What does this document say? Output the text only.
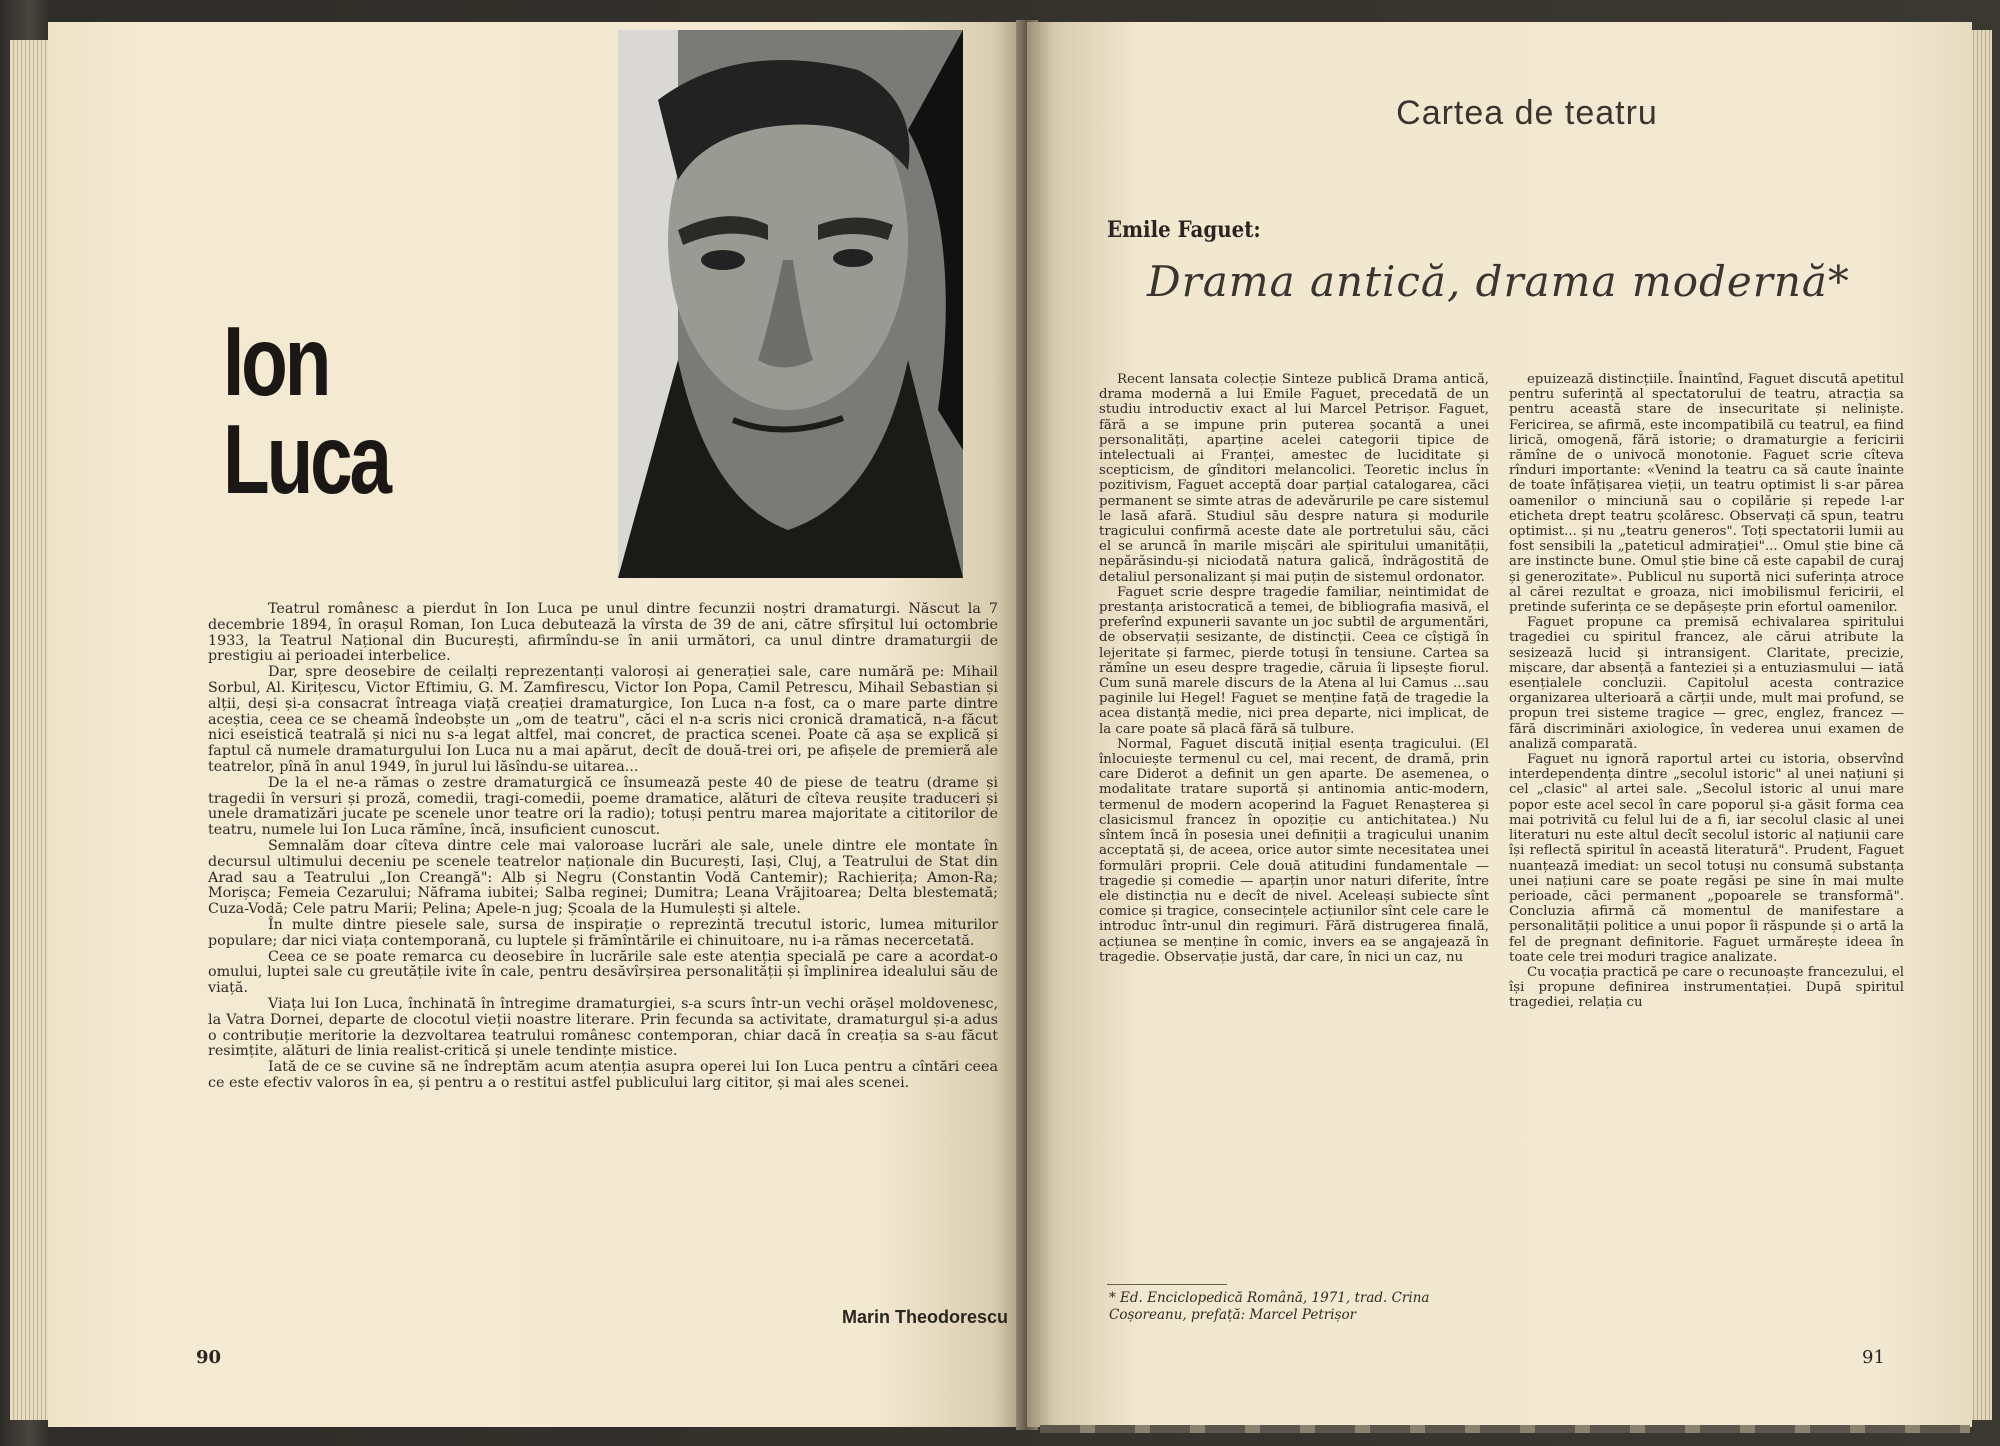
Ion Luca

Teatrul românesc a pierdut în Ion Luca pe unul dintre fecunzii noștri dramaturgi. Născut la 7 decembrie 1894, în orașul Roman, Ion Luca debutează la vîrsta de 39 de ani, către sfîrșitul lui octombrie 1933, la Teatrul Național din București, afirmîndu-se în anii următori, ca unul dintre dramaturgii de prestigiu ai perioadei interbelice.

Dar, spre deosebire de ceilalți reprezentanți valoroși ai generației sale, care numără pe: Mihail Sorbul, Al. Kirițescu, Victor Eftimiu, G. M. Zamfirescu, Victor Ion Popa, Camil Petrescu, Mihail Sebastian și alții, deși și-a consacrat întreaga viață creației dramaturgice, Ion Luca n-a fost, ca o mare parte dintre aceștia, ceea ce se cheamă îndeobște un „om de teatru", căci el n-a scris nici cronică dramatică, n-a făcut nici eseistică teatrală și nici nu s-a legat altfel, mai concret, de practica scenei. Poate că așa se explică și faptul că numele dramaturgului Ion Luca nu a mai apărut, decît de două-trei ori, pe afișele de premieră ale teatrelor, pînă în anul 1949, în jurul lui lăsîndu-se uitarea...

De la el ne-a rămas o zestre dramaturgică ce însumează peste 40 de piese de teatru (drame și tragedii în versuri și proză, comedii, tragi-comedii, poeme dramatice, alături de cîteva reușite traduceri și unele dramatizări jucate pe scenele unor teatre ori la radio); totuși pentru marea majoritate a cititorilor de teatru, numele lui Ion Luca rămîne, încă, insuficient cunoscut.

Semnalăm doar cîteva dintre cele mai valoroase lucrări ale sale, unele dintre ele montate în decursul ultimului deceniu pe scenele teatrelor naționale din București, Iași, Cluj, a Teatrului de Stat din Arad sau a Teatrului „Ion Creangă": Alb și Negru (Constantin Vodă Cantemir); Rachierița; Amon-Ra; Morișca; Femeia Cezarului; Năframa iubitei; Salba reginei; Dumitra; Leana Vrăjitoarea; Delta blestemată; Cuza-Vodă; Cele patru Marii; Pelina; Apele-n jug; Școala de la Humulești și altele.

În multe dintre piesele sale, sursa de inspirație o reprezintă trecutul istoric, lumea miturilor populare; dar nici viața contemporană, cu luptele și frămîntările ei chinuitoare, nu i-a rămas necercetată.

Ceea ce se poate remarca cu deosebire în lucrările sale este atenția specială pe care a acordat-o omului, luptei sale cu greutățile ivite în cale, pentru desăvîrșirea personalității și împlinirea idealului său de viață.

Viața lui Ion Luca, închinată în întregime dramaturgiei, s-a scurs într-un vechi orășel moldovenesc, la Vatra Dornei, departe de clocotul vieții noastre literare. Prin fecunda sa activitate, dramaturgul și-a adus o contribuție meritorie la dezvoltarea teatrului românesc contemporan, chiar dacă în creația sa s-au făcut resimțite, alături de linia realist-critică și unele tendințe mistice.

Iată de ce se cuvine să ne îndreptăm acum atenția asupra operei lui Ion Luca pentru a cîntări ceea ce este efectiv valoros în ea, și pentru a o restitui astfel publicului larg cititor, și mai ales scenei.

Marin Theodorescu
90
Cartea de teatru
Emile Faguet:
Drama antică, drama modernă*

Recent lansata colecție Sinteze publică Drama antică, drama modernă a lui Emile Faguet, precedată de un studiu introductiv exact al lui Marcel Petrișor. Faguet, fără a se impune prin puterea șocantă a unei personalități, aparține acelei categorii tipice de intelectuali ai Franței, amestec de luciditate și scepticism, de gînditori melancolici. Teoretic inclus în pozitivism, Faguet acceptă doar parțial catalogarea, căci permanent se simte atras de adevărurile pe care sistemul le lasă afară. Studiul său despre natura și modurile tragicului confirmă aceste date ale portretului său, căci el se aruncă în marile mișcări ale spiritului umanității, nepărăsindu-și niciodată natura galică, îndrăgostită de detaliul personalizant și mai puțin de sistemul ordonator.

Faguet scrie despre tragedie familiar, neintimidat de prestanța aristocratică a temei, de bibliografia masivă, el preferînd expunerii savante un joc subtil de argumentări, de observații sesizante, de distincții. Ceea ce cîștigă în lejeritate și farmec, pierde totuși în tensiune. Cartea sa rămîne un eseu despre tragedie, căruia îi lipsește fiorul. Cum sună marele discurs de la Atena al lui Camus ...sau paginile lui Hegel! Faguet se menține față de tragedie la acea distanță medie, nici prea departe, nici implicat, de la care poate să placă fără să tulbure.

Normal, Faguet discută inițial esența tragicului. (El înlocuiește termenul cu cel, mai recent, de dramă, prin care Diderot a definit un gen aparte. De asemenea, o modalitate tratare suportă și antinomia antic-modern, termenul de modern acoperind la Faguet Renașterea și clasicismul francez în opoziție cu antichitatea.) Nu sîntem încă în posesia unei definiții a tragicului unanim acceptată și, de aceea, orice autor simte necesitatea unei formulări proprii. Cele două atitudini fundamentale — tragedie și comedie — aparțin unor naturi diferite, între ele distincția nu e decît de nivel. Aceleași subiecte sînt comice și tragice, consecințele acțiunilor sînt cele care le introduc într-unul din regimuri. Fără distrugerea finală, acțiunea se menține în comic, invers ea se angajează în tragedie. Observație justă, dar care, în nici un caz, nu

epuizează distincțiile. Înaintînd, Faguet discută apetitul pentru suferință al spectatorului de teatru, atracția sa pentru această stare de insecuritate și neliniște. Fericirea, se afirmă, este incompatibilă cu teatrul, ea fiind lirică, omogenă, fără istorie; o dramaturgie a fericirii rămîne de o univocă monotonie. Faguet scrie cîteva rînduri importante: «Venind la teatru ca să caute înainte de toate înfățișarea vieții, un teatru optimist li s-ar părea oamenilor o minciună sau o copilărie și repede l-ar eticheta drept teatru școlăresc. Observați că spun, teatru optimist... și nu „teatru generos". Toți spectatorii lumii au fost sensibili la „pateticul admirației"... Omul știe bine că are instincte bune. Omul știe bine că este capabil de curaj și generozitate». Publicul nu suportă nici suferința atroce al cărei rezultat e groaza, nici imobilismul fericirii, el pretinde suferința ce se depășește prin efortul oamenilor.

Faguet propune ca premisă echivalarea spiritului tragediei cu spiritul francez, ale cărui atribute la sesizează lucid și intransigent. Claritate, precizie, mișcare, dar absență a fanteziei și a entuziasmului — iată esențialele concluzii. Capitolul acesta contrazice organizarea ulterioară a cărții unde, mult mai profund, se propun trei sisteme tragice — grec, englez, francez — fără discriminări axiologice, în vederea unui examen de analiză comparată.

Faguet nu ignoră raportul artei cu istoria, observînd interdependența dintre „secolul istoric" al unei națiuni și cel „clasic" al artei sale. „Secolul istoric al unui mare popor este acel secol în care poporul și-a găsit forma cea mai potrivită cu felul lui de a fi, iar secolul clasic al unei literaturi nu este altul decît secolul istoric al națiunii care își reflectă spiritul în această literatură". Prudent, Faguet nuanțează imediat: un secol totuși nu consumă substanța unei națiuni care se poate regăsi pe sine în mai multe perioade, căci permanent „popoarele se transformă". Concluzia afirmă că momentul de manifestare a personalității politice a unui popor îi răspunde și o artă la fel de pregnant definitorie. Faguet urmărește ideea în toate cele trei moduri tragice analizate.

Cu vocația practică pe care o recunoaște francezului, el își propune definirea instrumentației. După spiritul tragediei, relația cu

* Ed. Enciclopedică Română, 1971, trad. Crina Coșoreanu, prefață: Marcel Petrișor
91
